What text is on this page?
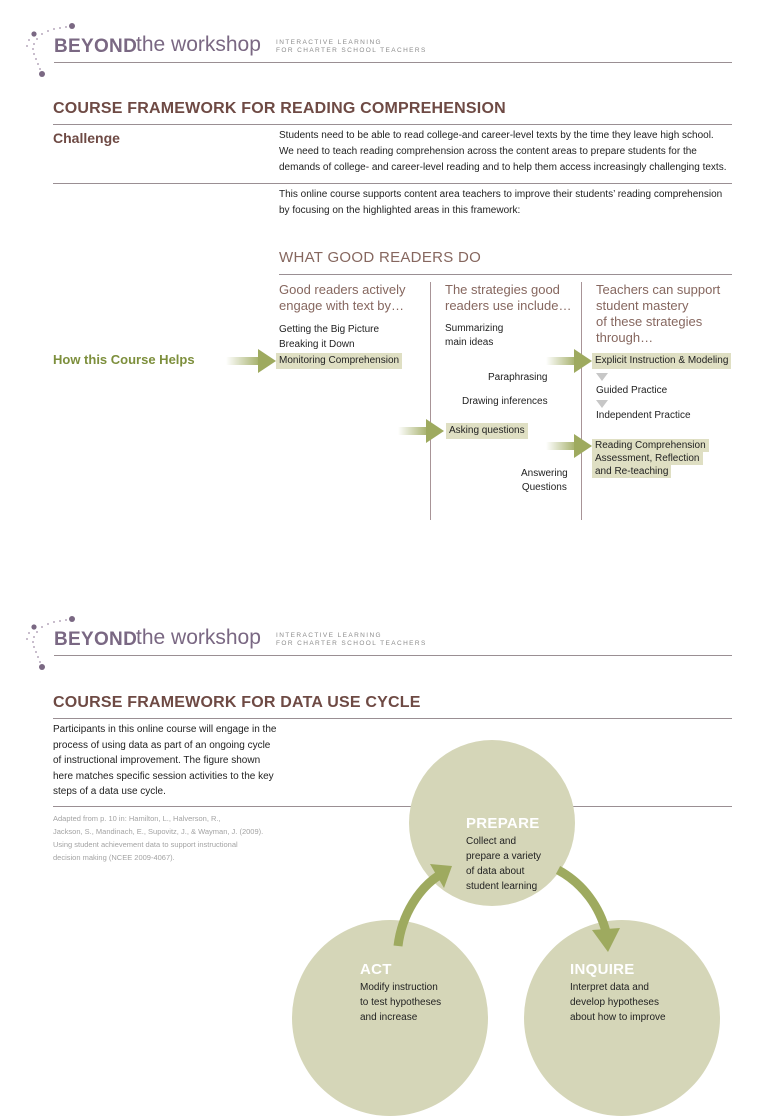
BEYOND
the workshop INTERACTIVE LEARNING
FOR CHARTER SCHOOL TEACHERS
COURSE FRAMEWORK FOR READING COMPREHENSION
Challenge	Students need to be able to read college-and career-level texts by the time they leave high school.
We need to teach reading comprehension across the content areas to prepare students for the
demands of college- and career-level reading and to help them access increasingly challenging texts.
This online course supports content area teachers to improve their students’ reading comprehension
by focusing on the highlighted areas in this framework:
WHAT GOOD READERS DO
Good readers actively
engage with text by…
Getting the Big Picture
Breaking it Down
Monitoring Comprehension
The strategies good
readers use include…
Summarizing
main ideas
Paraphrasing
Drawing inferences
Asking questions
Answering
Questions
Teachers can support
student mastery
of these strategies
through…
Explicit Instruction & Modeling
Guided Practice
Independent Practice
Reading Comprehension
Assessment, Reflection
and Re-teaching
How this Course Helps
BEYOND
the workshop INTERACTIVE LEARNING
FOR CHARTER SCHOOL TEACHERS
COURSE FRAMEWORK FOR DATA USE CYCLE
Participants in this online course will engage in the
process of using data as part of an ongoing cycle
of instructional improvement. The figure shown
here matches specific session activities to the key
steps of a data use cycle.
Adapted from p. 10 in: Hamilton, L., Halverson, R.,
Jackson, S., Mandinach, E., Supovitz, J., & Wayman, J. (2009).
Using student achievement data to support instructional
decision making (NCEE 2009-4067).
PREPARE
Collect and
prepare a variety
of data about
student learning
ACT
Modify instruction
to test hypotheses
and increase
INQUIRE
Interpret data and
develop hypotheses
about how to improve
